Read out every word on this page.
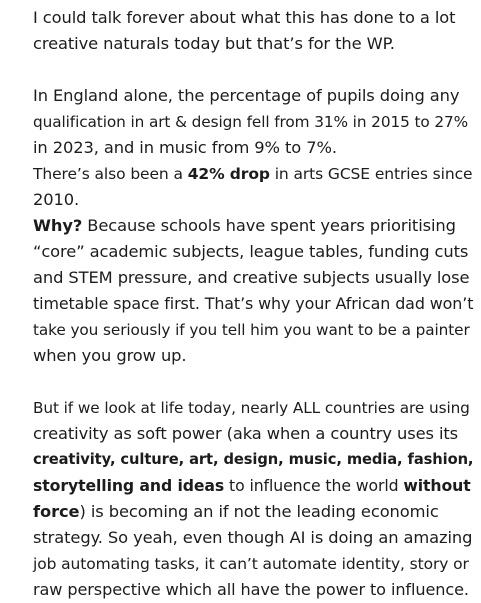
I could talk forever about what this has done to a lot
creative naturals today but that’s for the WP.
In England alone, the percentage of pupils doing any
qualification in art & design fell from 31% in 2015 to 27%
in 2023, and in music from 9% to 7%.
There’s also been a 42% drop in arts GCSE entries since
2010.
Why? Because schools have spent years prioritising
“core” academic subjects, league tables, funding cuts
and STEM pressure, and creative subjects usually lose
timetable space first. That’s why your African dad won’t
take you seriously if you tell him you want to be a painter
when you grow up.
But if we look at life today, nearly ALL countries are using
creativity as soft power (aka when a country uses its
creativity, culture, art, design, music, media, fashion,
storytelling and ideas to influence the world without
force) is becoming an if not the leading economic
strategy. So yeah, even though AI is doing an amazing
job automating tasks, it can’t automate identity, story or
raw perspective which all have the power to influence.
